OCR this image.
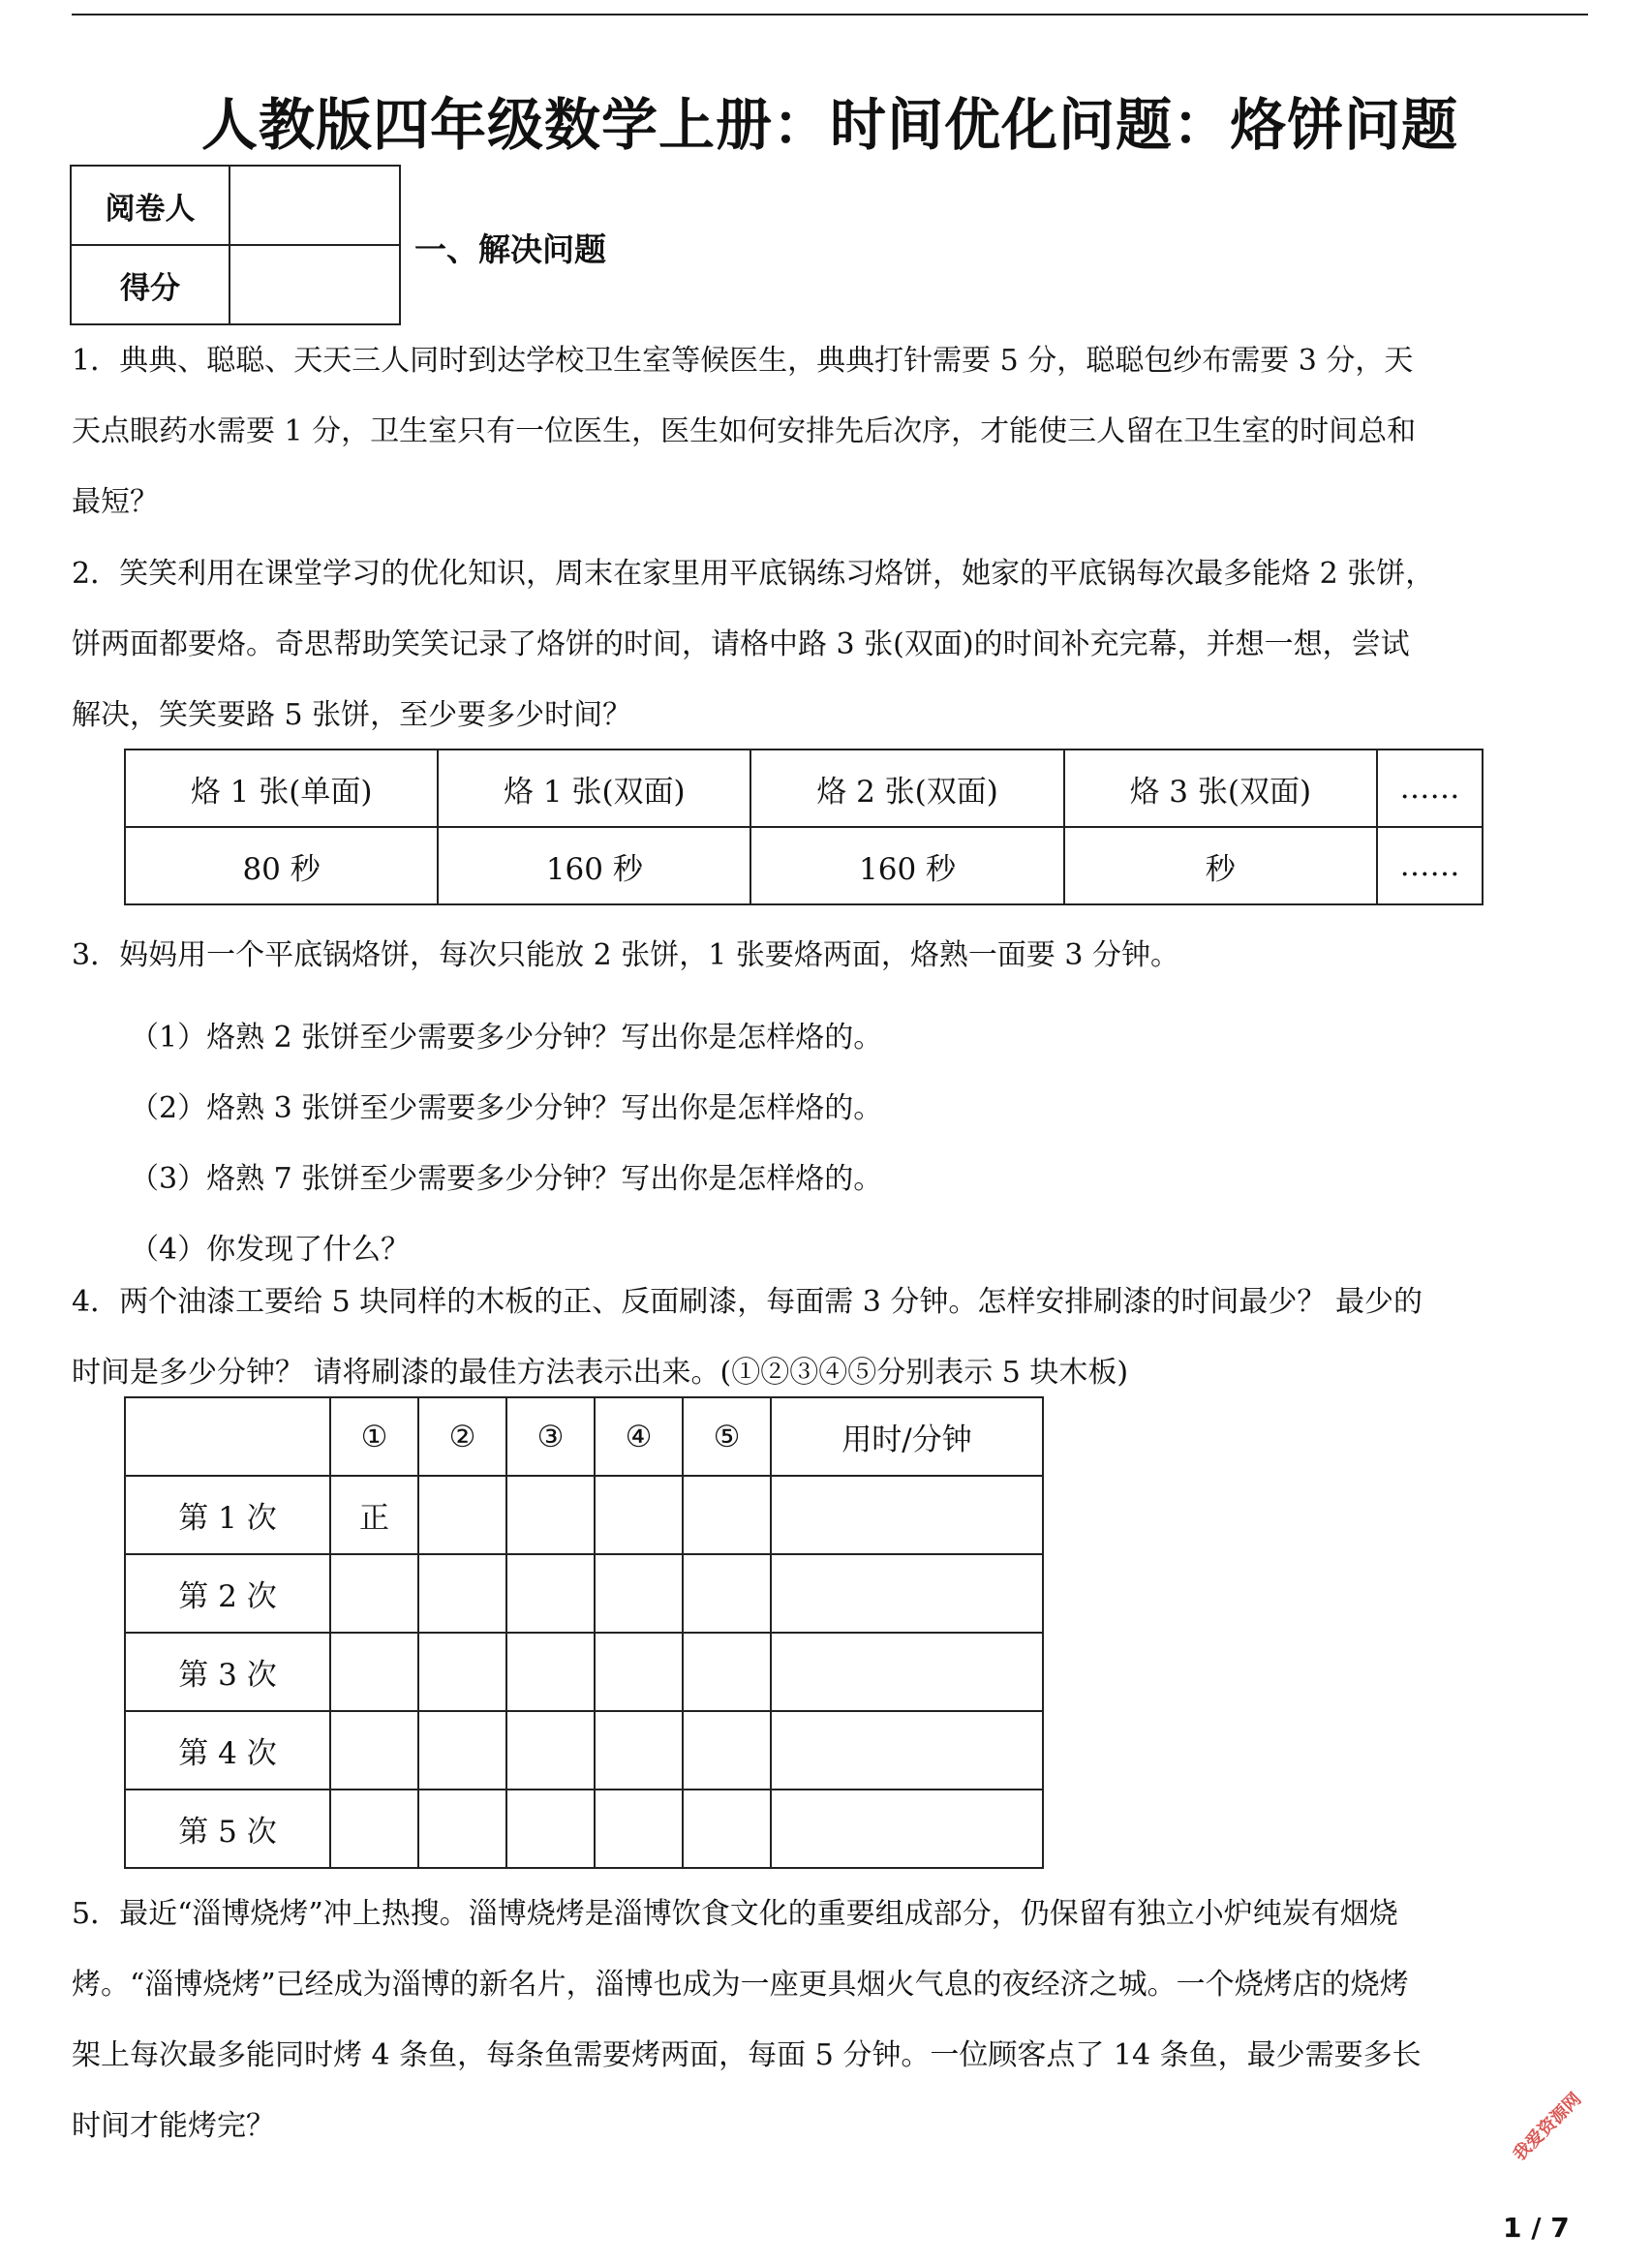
人教版四年级数学上册：时间优化问题：烙饼问题
阅卷人	
得分	
一、解决问题
1．典典、聪聪、天天三人同时到达学校卫生室等候医生，典典打针需要 5 分，聪聪包纱布需要 3 分，天
天点眼药水需要 1 分，卫生室只有一位医生，医生如何安排先后次序，才能使三人留在卫生室的时间总和
最短？
2．笑笑利用在课堂学习的优化知识，周末在家里用平底锅练习烙饼，她家的平底锅每次最多能烙 2 张饼，
饼两面都要烙。奇思帮助笑笑记录了烙饼的时间，请格中路 3 张(双面)的时间补充完幕，并想一想，尝试
解决，笑笑要路 5 张饼，至少要多少时间？
烙 1 张(单面)	烙 1 张(双面)	烙 2 张(双面)	烙 3 张(双面)	……
80 秒	160 秒	160 秒	秒	……
3．妈妈用一个平底锅烙饼，每次只能放 2 张饼，1 张要烙两面，烙熟一面要 3 分钟。
（1）烙熟 2 张饼至少需要多少分钟？写出你是怎样烙的。
（2）烙熟 3 张饼至少需要多少分钟？写出你是怎样烙的。
（3）烙熟 7 张饼至少需要多少分钟？写出你是怎样烙的。
（4）你发现了什么？
4．两个油漆工要给 5 块同样的木板的正、反面刷漆，每面需 3 分钟。怎样安排刷漆的时间最少？ 最少的
时间是多少分钟？ 请将刷漆的最佳方法表示出来。(①②③④⑤分别表示 5 块木板)
	①	②	③	④	⑤	用时/分钟
第 1 次	正					
第 2 次						
第 3 次						
第 4 次						
第 5 次						
5．最近“淄博烧烤”冲上热搜。淄博烧烤是淄博饮食文化的重要组成部分，仍保留有独立小炉纯炭有烟烧
烤。“淄博烧烤”已经成为淄博的新名片，淄博也成为一座更具烟火气息的夜经济之城。一个烧烤店的烧烤
架上每次最多能同时烤 4 条鱼，每条鱼需要烤两面，每面 5 分钟。一位顾客点了 14 条鱼，最少需要多长
时间才能烤完？	我爱资源网
1 / 7
